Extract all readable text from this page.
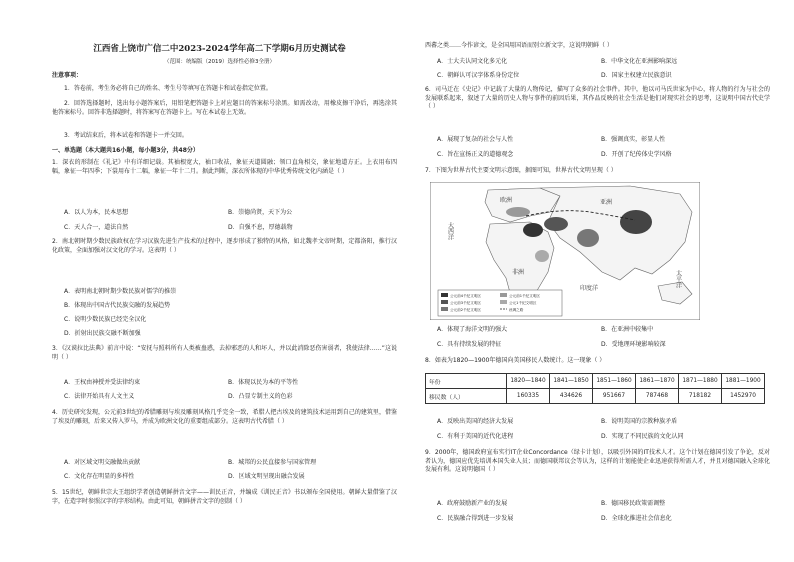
江西省上饶市广信二中2023-2024学年高二下学期6月历史测试卷
（范围：统编版（2019）选择性必修3全册）
注意事项：
1．答卷前，考生务必将自己的姓名、考生号等填写在答题卡和试卷指定位置。
2．回答选择题时，选出每小题答案后，用铅笔把答题卡上对应题目的答案标号涂黑。如需改动，用橡皮擦干净后，再选涂其他答案标号。回答非选择题时，将答案写在答题卡上。写在本试卷上无效。
3．考试结束后，将本试卷和答题卡一并交回。
一、单选题（本大题共16小题，每小题3分，共48分）
1．深衣的形制在《礼记》中有详细记载。其袖根宽大，袖口收祛，象征天道圆融；领口直角相交，象征地道方正。上衣用布四幅，象征一年四季；下裳用布十二幅，象征一年十二月。据此判断，深衣所体现的中华优秀传统文化内涵是（ ）
A．以人为本，民本思想	B．崇德尚贤，天下为公
C．天人合一，道法自然	D．自强不息，厚德载物
2．南北朝时期少数民族政权在学习汉族先进生产技术的过程中，逐步形成了独特的风格，如北魏孝文帝时期，定都洛阳，推行汉化政策，全面加强对汉文化的学习。这表明（ ）
A．表明南北朝时期少数民族对儒学的推崇
B．体现出中国古代民族交融的发展趋势
C．说明少数民族已经完全汉化
D．折射出民族交融不断加强
3．《汉谟拉比法典》前言中说：“安抚与照料所有人类被蛊惑，去掉邪恶的人和坏人，并以此消除恶伤害弱者，我使法律……”这说明（ ）
A．王权由神授并受法律约束	B．体现以民为本的平等性
C．法律开始具有人文主义	D．凸显专制主义的色彩
4．历史研究发现，公元前3世纪的希腊雕刻与埃及雕刻风格几乎完全一致，希腊人把古埃及的建筑技术运用到自己的建筑里，借鉴了埃及的雕刻，后来又传入罗马，并成为欧洲文化的重要组成部分。这表明古代希腊（ ）
A．对区域文明交融做出贡献	B．城邦的公民直接参与国家管理
C．文化存在明显的多样性	D．区域文明呈现出融合发展
5．15世纪，朝鲜世宗大王组织学者创造朝鲜拼音文字——训民正音，并编成《训民正音》书以颁布全国使用。朝鲜大量借鉴了汉字，在造字时参照汉字的字形结构。由此可知，朝鲜拼音文字的创制（ ）
西蕃之类……今作谚文，是全国用国语而别立新文字，这说明朝鲜（ ）
A．士大夫认同文化多元化	B．中华文化在亚洲影响深远
C．朝鲜认可汉字体系身份定位	D．国家主权建立民族意识
6．司马迁在《史记》中记载了大量的人物传记，描写了众多的社会事件。其中，他以司马氏世家为中心，将人物的行为与社会的发展联系起来，叙述了大量的历史人物与事件的前因后果，其作品反映的社会生活是他们对现实社会的思考，这说明中国古代史学（ ）
A．展现了复杂的社会与人性	B．强调真实，彰显人性
C．旨在宣扬正义的道德观念	D．开创了纪传体史学风格
7．下图为世界古代主要文明示意图，据图可知，世界古代文明呈现（ ）
A．体现了海洋文明的强大	B．在亚洲中较集中
C．具有持续发展的特征	D．受地理环境影响较深
8．如表为1820—1900年德国向美国移民人数统计。这一现象（ ）
A．反映出美国的经济大发展	B．说明美国的宗教种族矛盾
C．有利于美国的近代化进程	D．实现了不同民族的文化认同
9．2000年，德国政府宣布实行IT企业Concordance（绿卡计划），以吸引外国的IT技术人才。这个计划在德国引发了争论，反对者认为，德国应优先培训本国失业人员；而德国联邦议会等认为，这样的计划能使企业迅速获得所需人才，并且对德国融入全球化发展有利。这说明德国（ ）
A．政府鼓励新产业的发展	B．德国移民政策需调整
C．民族融合得到进一步发展	D．全球化推进社会信息化
大西洋
印度洋
太平洋
欧洲	亚洲
非洲
公元前4千纪文明区
公元前3千纪文明区
公元前2千纪文明区
公元前1千纪文明区
公元1千纪文明区
丝绸之路
年份	1820—1840	1841—1850	1851—1860	1861—1870	1871—1880	1881—1900
移民数（人）	160335	434626	951667	787468	718182	1452970
